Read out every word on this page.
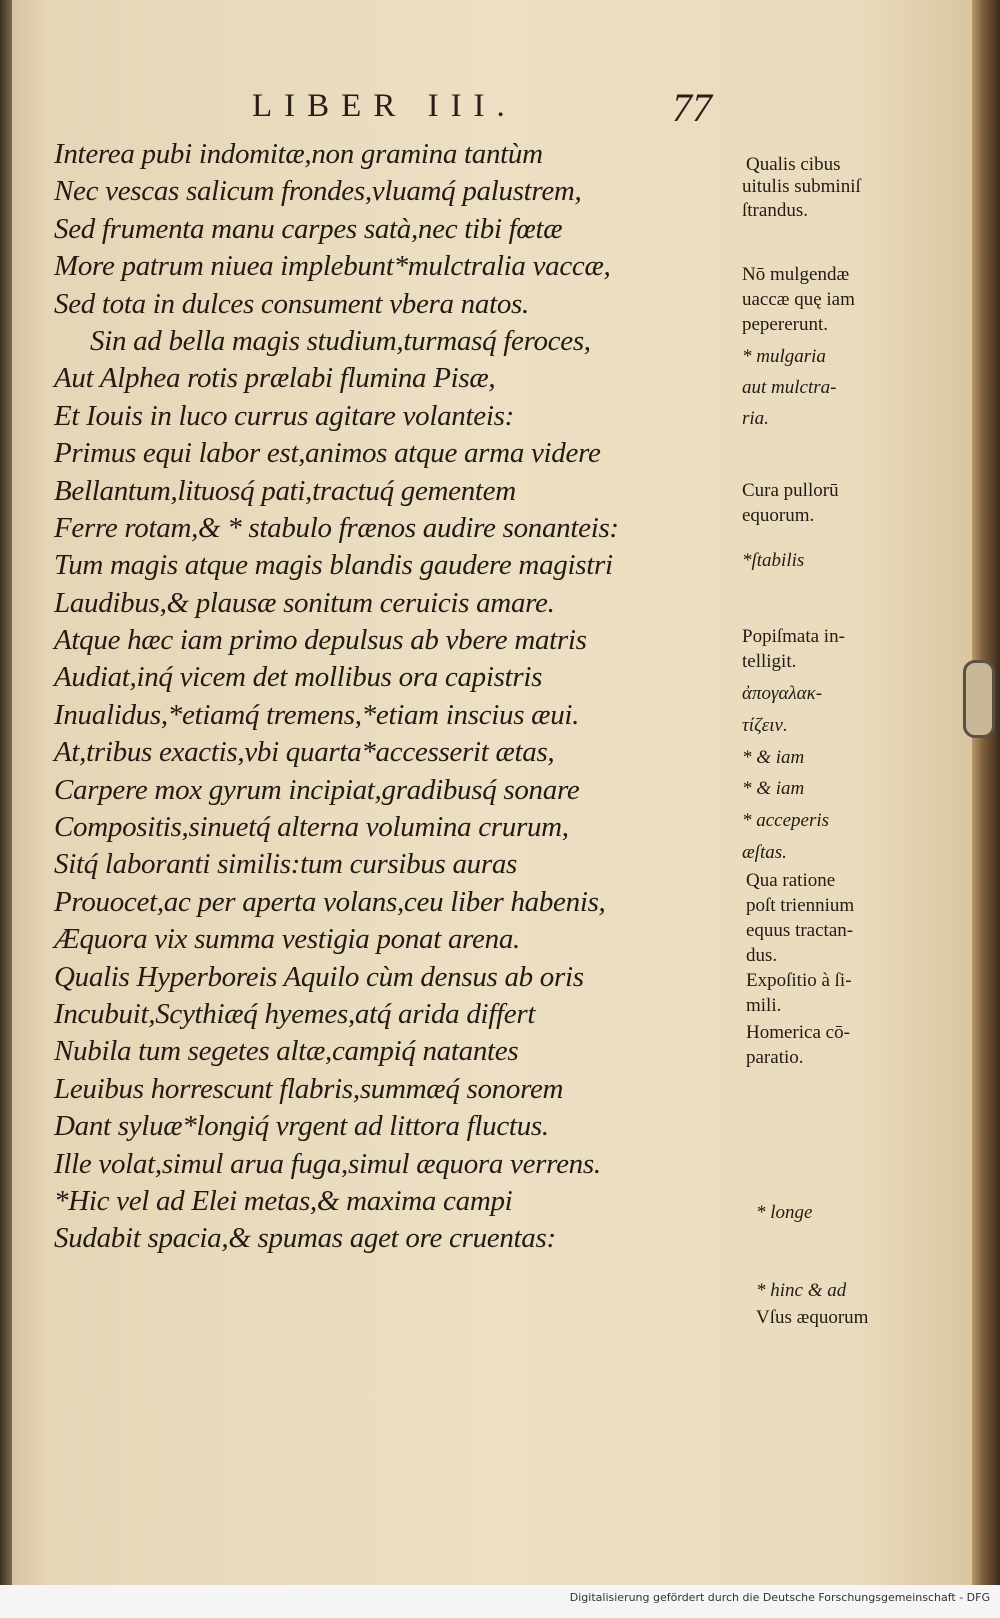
LIBER III.	77
Interea pubi indomitæ,non gramina tantùm
Nec vescas salicum frondes,vluamq́ palustrem,
Sed frumenta manu carpes satà,nec tibi fœtæ
More patrum niuea implebunt*mulctralia vaccæ,
Sed tota in dulces consument vbera natos.
Sin ad bella magis studium,turmasq́ feroces,
Aut Alphea rotis prælabi flumina Pisæ,
Et Iouis in luco currus agitare volanteis:
Primus equi labor est,animos atque arma videre
Bellantum,lituosq́ pati,tractuq́ gementem
Ferre rotam,& * stabulo frænos audire sonanteis:
Tum magis atque magis blandis gaudere magistri
Laudibus,& plausæ sonitum ceruicis amare.
Atque hæc iam primo depulsus ab vbere matris
Audiat,inq́ vicem det mollibus ora capistris
Inualidus,*etiamq́ tremens,*etiam inscius æui.
At,tribus exactis,vbi quarta*accesserit ætas,
Carpere mox gyrum incipiat,gradibusq́ sonare
Compositis,sinuetq́ alterna volumina crurum,
Sitq́ laboranti similis:tum cursibus auras
Prouocet,ac per aperta volans,ceu liber habenis,
Æquora vix summa vestigia ponat arena.
Qualis Hyperboreis Aquilo cùm densus ab oris
Incubuit,Scythiæq́ hyemes,atq́ arida differt
Nubila tum segetes altæ,campiq́ natantes
Leuibus horrescunt flabris,summæq́ sonorem
Dant syluæ*longiq́ vrgent ad littora fluctus.
Ille volat,simul arua fuga,simul æquora verrens.
*Hic vel ad Elei metas,& maxima campi
Sudabit spacia,& spumas aget ore cruentas:
Qualis cibus
uitulis subminiſ
ſtrandus.
Nō mulgendæ
uaccæ quę iam
pepererunt.
* mulgaria
aut mulctra-
ria.
Cura pullorū
equorum.
*ſtabilis
Popiſmata in-
telligit.
ἀπογαλακ-
τίζειν.
* & iam
* & iam
* acceperis
æſtas.
Qua ratione
poſt triennium
equus tractan-
dus.
Expoſitio à ſi-
mili.
Homerica cō-
paratio.
* longe
* hinc & ad
Vſus æquorum
Digitalisierung gefördert durch die Deutsche Forschungsgemeinschaft - DFG
